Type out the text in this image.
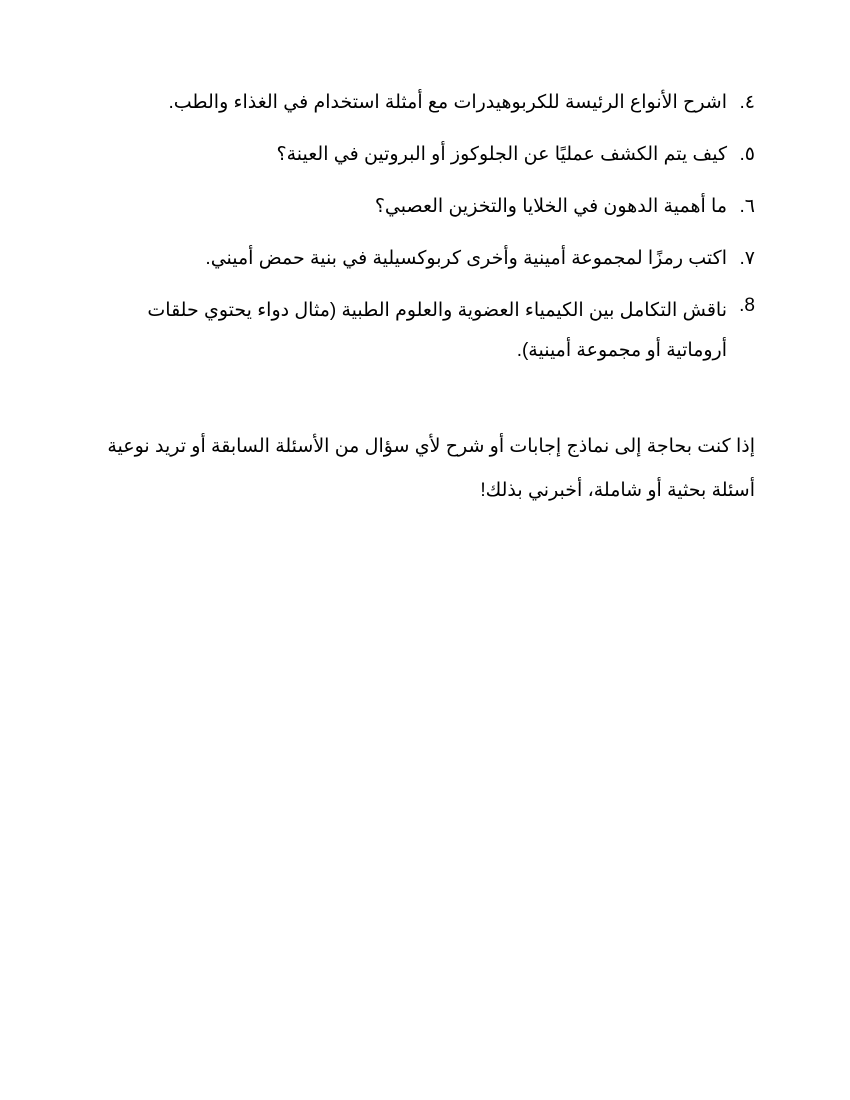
٤.
اشرح الأنواع الرئيسة للكربوهيدرات مع أمثلة استخدام في الغذاء والطب.
٥.
كيف يتم الكشف عمليًا عن الجلوكوز أو البروتين في العينة؟
٦.
ما أهمية الدهون في الخلايا والتخزين العصبي؟
٧.
اكتب رمزًا لمجموعة أمينية وأخرى كربوكسيلية في بنية حمض أميني.
8.
ناقش التكامل بين الكيمياء العضوية والعلوم الطبية (مثال دواء يحتوي حلقات أروماتية أو مجموعة أمينية).

إذا كنت بحاجة إلى نماذج إجابات أو شرح لأي سؤال من الأسئلة السابقة أو تريد نوعية أسئلة بحثية أو شاملة، أخبرني بذلك!
